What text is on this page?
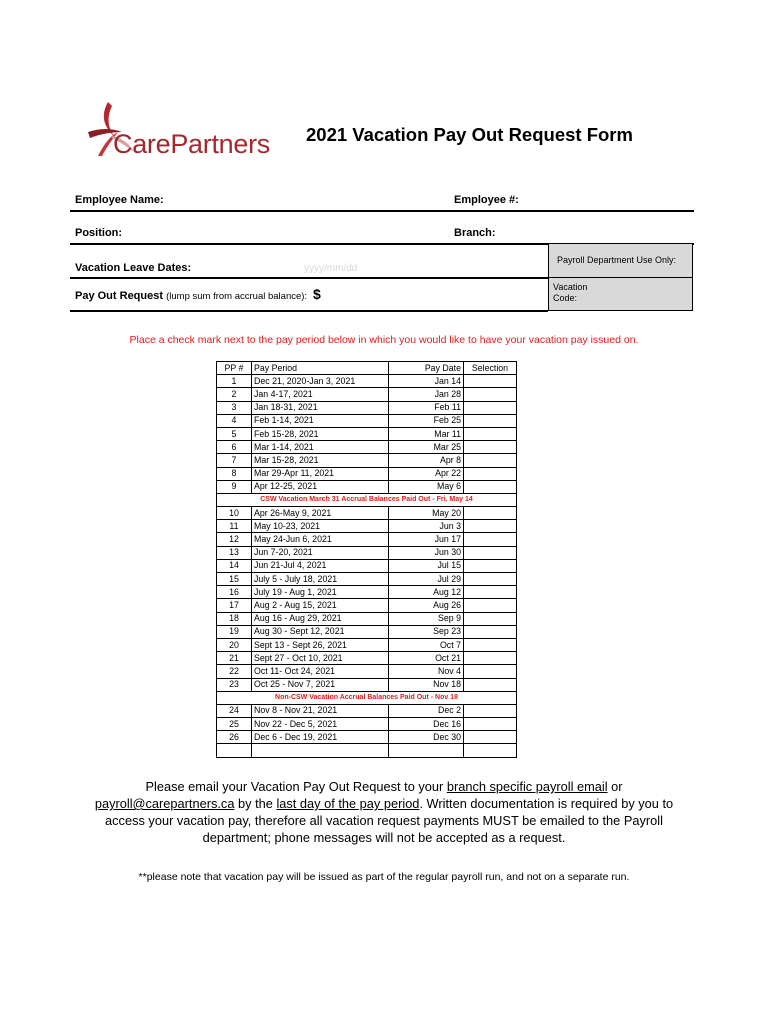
CarePartners 2021 Vacation Pay Out Request Form
Employee Name:	Employee #:
Position:	Branch:
Vacation Leave Dates:	yyyy/mm/dd
Pay Out Request (lump sum from accrual balance): $
Payroll Department Use Only:
Vacation
Code:
Place a check mark next to the pay period below in which you would like to have your vacation pay issued on.
PP #	Pay Period	Pay Date	Selection
1	Dec 21, 2020-Jan 3, 2021	Jan 14	
2	Jan 4-17, 2021	Jan 28	
3	Jan 18-31, 2021	Feb 11	
4	Feb 1-14, 2021	Feb 25	
5	Feb 15-28, 2021	Mar 11	
6	Mar 1-14, 2021	Mar 25	
7	Mar 15-28, 2021	Apr 8	
8	Mar 29-Apr 11, 2021	Apr 22	
9	Apr 12-25, 2021	May 6	
CSW Vacation March 31 Accrual Balances Paid Out - Fri. May 14			
10	Apr 26-May 9, 2021	May 20	
11	May 10-23, 2021	Jun 3	
12	May 24-Jun 6, 2021	Jun 17	
13	Jun 7-20, 2021	Jun 30	
14	Jun 21-Jul 4, 2021	Jul 15	
15	July 5 - July 18, 2021	Jul 29	
16	July 19 - Aug 1, 2021	Aug 12	
17	Aug 2 - Aug 15, 2021	Aug 26	
18	Aug 16 - Aug 29, 2021	Sep 9	
19	Aug 30 - Sept 12, 2021	Sep 23	
20	Sept 13 - Sept 26, 2021	Oct 7	
21	Sept 27 - Oct 10, 2021	Oct 21	
22	Oct 11- Oct 24, 2021	Nov 4	
23	Oct 25 - Nov 7, 2021	Nov 18	
Non-CSW Vacation Accrual Balances Paid Out - Nov 18			
24	Nov 8 - Nov 21, 2021	Dec 2	
25	Nov 22 - Dec 5, 2021	Dec 16	
26	Dec 6 - Dec 19, 2021	Dec 30	

Please email your Vacation Pay Out Request to your branch specific payroll email or payroll@carepartners.ca by the last day of the pay period. Written documentation is required by you to access your vacation pay, therefore all vacation request payments MUST be emailed to the Payroll department; phone messages will not be accepted as a request.
**please note that vacation pay will be issued as part of the regular payroll run, and not on a separate run.
